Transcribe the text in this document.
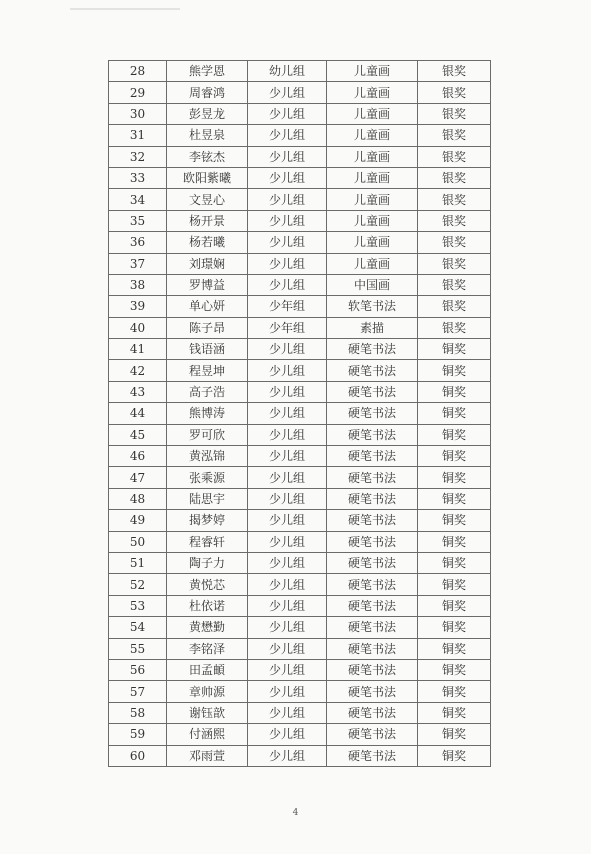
28	熊学恩	幼儿组	儿童画	银奖
29	周睿鸿	少儿组	儿童画	银奖
30	彭昱龙	少儿组	儿童画	银奖
31	杜昱泉	少儿组	儿童画	银奖
32	李铉杰	少儿组	儿童画	银奖
33	欧阳紫曦	少儿组	儿童画	银奖
34	文昱心	少儿组	儿童画	银奖
35	杨开景	少儿组	儿童画	银奖
36	杨若曦	少儿组	儿童画	银奖
37	刘璟娴	少儿组	儿童画	银奖
38	罗博益	少儿组	中国画	银奖
39	单心妍	少年组	软笔书法	银奖
40	陈子昂	少年组	素描	银奖
41	钱语涵	少儿组	硬笔书法	铜奖
42	程昱坤	少儿组	硬笔书法	铜奖
43	高子浩	少儿组	硬笔书法	铜奖
44	熊博涛	少儿组	硬笔书法	铜奖
45	罗可欣	少儿组	硬笔书法	铜奖
46	黄泓锦	少儿组	硬笔书法	铜奖
47	张乘源	少儿组	硬笔书法	铜奖
48	陆思宇	少儿组	硬笔书法	铜奖
49	揭梦婷	少儿组	硬笔书法	铜奖
50	程睿轩	少儿组	硬笔书法	铜奖
51	陶子力	少儿组	硬笔书法	铜奖
52	黄悦芯	少儿组	硬笔书法	铜奖
53	杜依诺	少儿组	硬笔书法	铜奖
54	黄懋勤	少儿组	硬笔书法	铜奖
55	李铭泽	少儿组	硬笔书法	铜奖
56	田孟頔	少儿组	硬笔书法	铜奖
57	章帅源	少儿组	硬笔书法	铜奖
58	谢钰歆	少儿组	硬笔书法	铜奖
59	付涵熙	少儿组	硬笔书法	铜奖
60	邓雨萱	少儿组	硬笔书法	铜奖
4
